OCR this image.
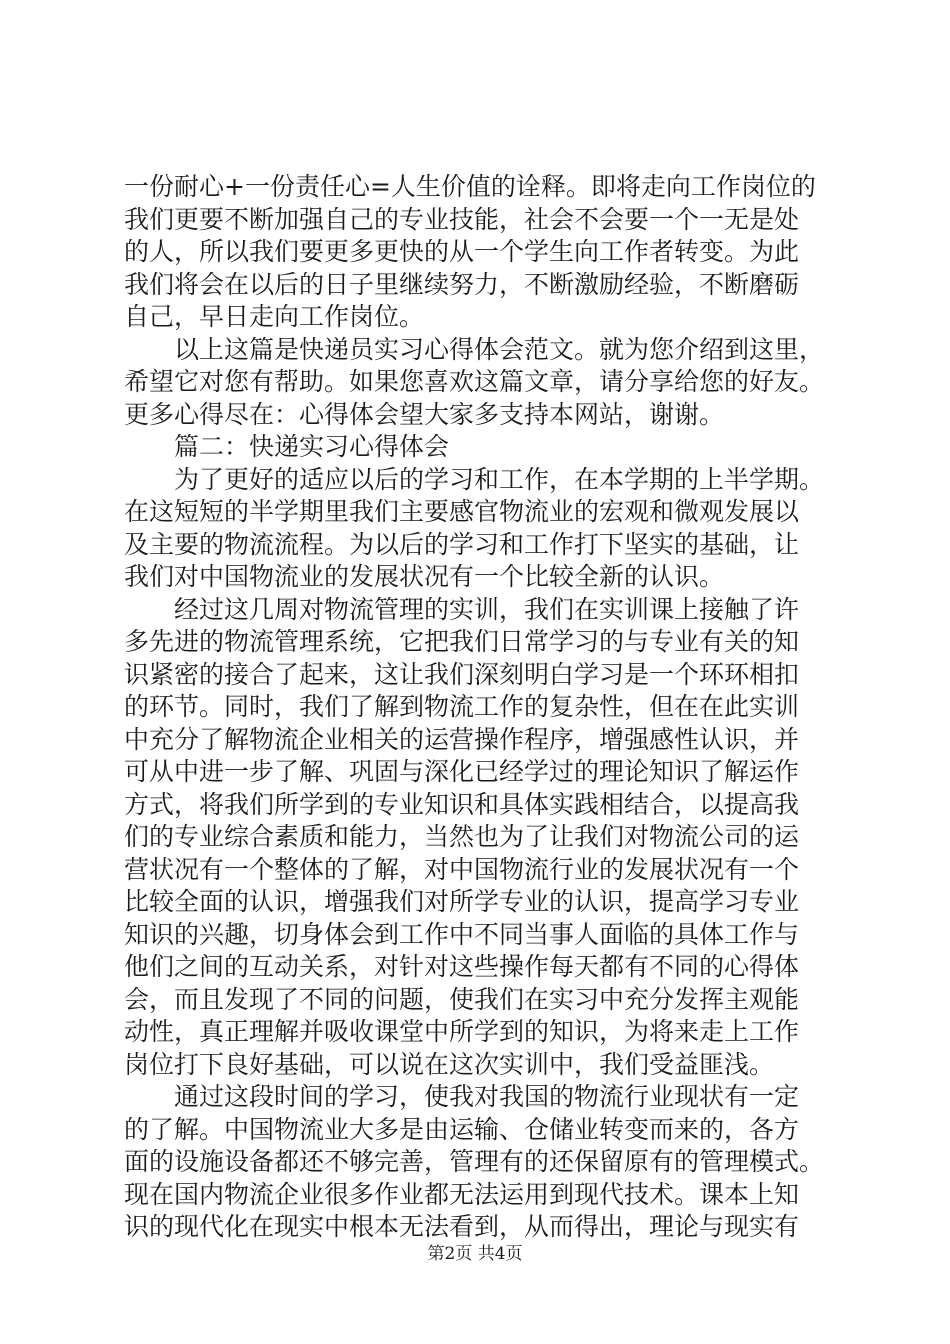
一份耐心+一份责任心=人生价值的诠释。即将走向工作岗位的
我们更要不断加强自己的专业技能，社会不会要一个一无是处
的人，所以我们要更多更快的从一个学生向工作者转变。为此
我们将会在以后的日子里继续努力，不断激励经验，不断磨砺
自己，早日走向工作岗位。
　　以上这篇是快递员实习心得体会范文。就为您介绍到这里，
希望它对您有帮助。如果您喜欢这篇文章，请分享给您的好友。
更多心得尽在：心得体会望大家多支持本网站，谢谢。
　　篇二：快递实习心得体会
　　为了更好的适应以后的学习和工作，在本学期的上半学期。
在这短短的半学期里我们主要感官物流业的宏观和微观发展以
及主要的物流流程。为以后的学习和工作打下坚实的基础，让
我们对中国物流业的发展状况有一个比较全新的认识。
　　经过这几周对物流管理的实训，我们在实训课上接触了许
多先进的物流管理系统，它把我们日常学习的与专业有关的知
识紧密的接合了起来，这让我们深刻明白学习是一个环环相扣
的环节。同时，我们了解到物流工作的复杂性，但在在此实训
中充分了解物流企业相关的运营操作程序，增强感性认识，并
可从中进一步了解、巩固与深化已经学过的理论知识了解运作
方式，将我们所学到的专业知识和具体实践相结合，以提高我
们的专业综合素质和能力，当然也为了让我们对物流公司的运
营状况有一个整体的了解，对中国物流行业的发展状况有一个
比较全面的认识，增强我们对所学专业的认识，提高学习专业
知识的兴趣，切身体会到工作中不同当事人面临的具体工作与
他们之间的互动关系，对针对这些操作每天都有不同的心得体
会，而且发现了不同的问题，使我们在实习中充分发挥主观能
动性，真正理解并吸收课堂中所学到的知识，为将来走上工作
岗位打下良好基础，可以说在这次实训中，我们受益匪浅。
　　通过这段时间的学习，使我对我国的物流行业现状有一定
的了解。中国物流业大多是由运输、仓储业转变而来的，各方
面的设施设备都还不够完善，管理有的还保留原有的管理模式。
现在国内物流企业很多作业都无法运用到现代技术。课本上知
识的现代化在现实中根本无法看到，从而得出，理论与现实有
第2页 共4页
